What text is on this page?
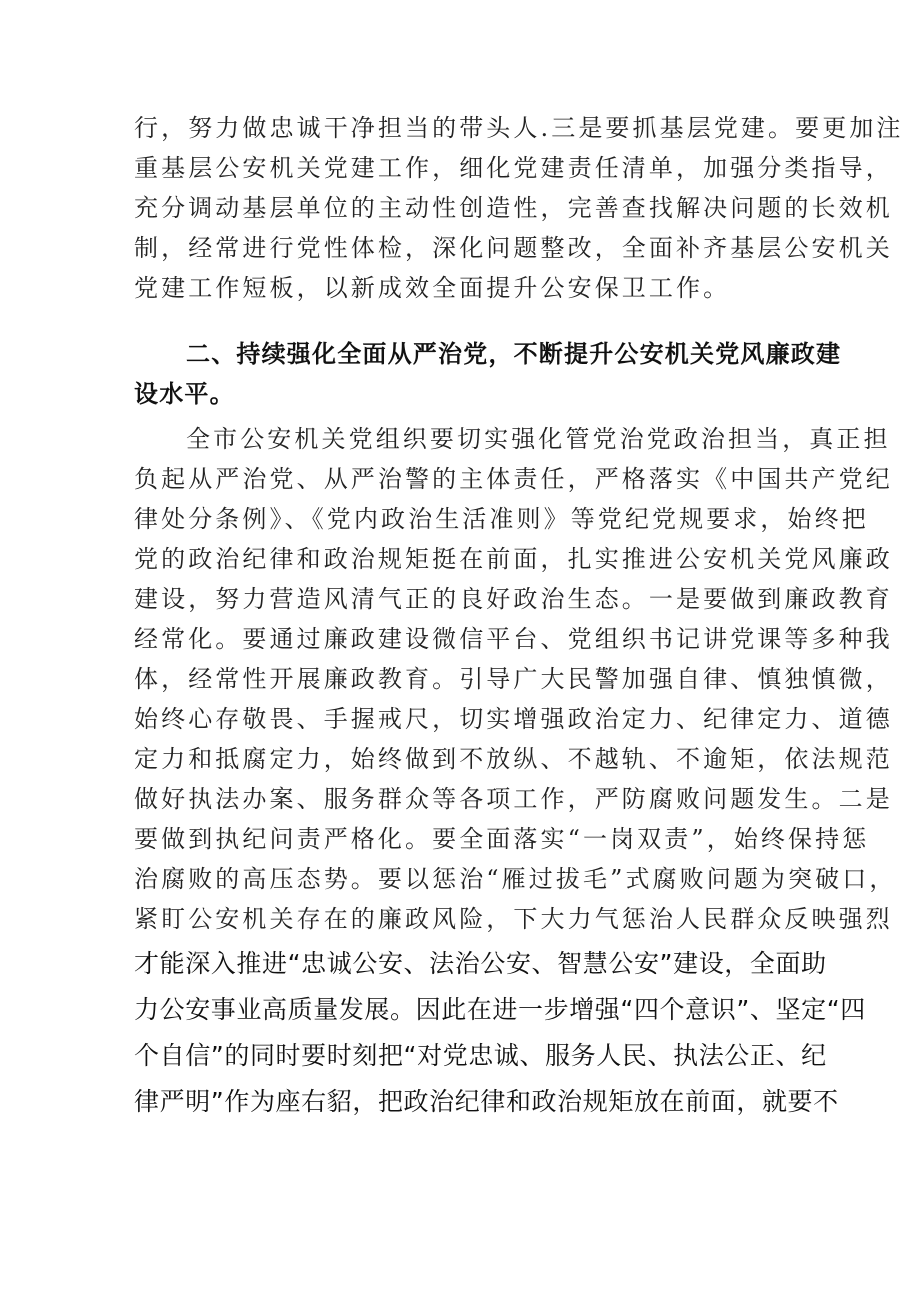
行，努力做忠诚干净担当的带头人.三是要抓基层党建。要更加注
重基层公安机关党建工作，细化党建责任清单，加强分类指导，
充分调动基层单位的主动性创造性，完善查找解决问题的长效机
制，经常进行党性体检，深化问题整改，全面补齐基层公安机关
党建工作短板，以新成效全面提升公安保卫工作。
二、持续强化全面从严治党，不断提升公安机关党风廉政建
设水平。
全市公安机关党组织要切实强化管党治党政治担当，真正担
负起从严治党、从严治警的主体责任，严格落实《中国共产党纪
律处分条例》、《党内政治生活准则》等党纪党规要求，始终把
党的政治纪律和政治规矩挺在前面，扎实推进公安机关党风廉政
建设，努力营造风清气正的良好政治生态。一是要做到廉政教育
经常化。要通过廉政建设微信平台、党组织书记讲党课等多种我
体，经常性开展廉政教育。引导广大民警加强自律、慎独慎微，
始终心存敬畏、手握戒尺，切实增强政治定力、纪律定力、道德
定力和抵腐定力，始终做到不放纵、不越轨、不逾矩，依法规范
做好执法办案、服务群众等各项工作，严防腐败问题发生。二是
要做到执纪问责严格化。要全面落实“一岗双责”，始终保持惩
治腐败的高压态势。要以惩治“雁过拔毛”式腐败问题为突破口，
紧盯公安机关存在的廉政风险，下大力气惩治人民群众反映强烈
才能深入推进“忠诚公安、法治公安、智慧公安”建设，全面助
力公安事业高质量发展。因此在进一步增强“四个意识”、坚定“四
个自信”的同时要时刻把“对党忠诚、服务人民、执法公正、纪
律严明”作为座右貂，把政治纪律和政治规矩放在前面，就要不
